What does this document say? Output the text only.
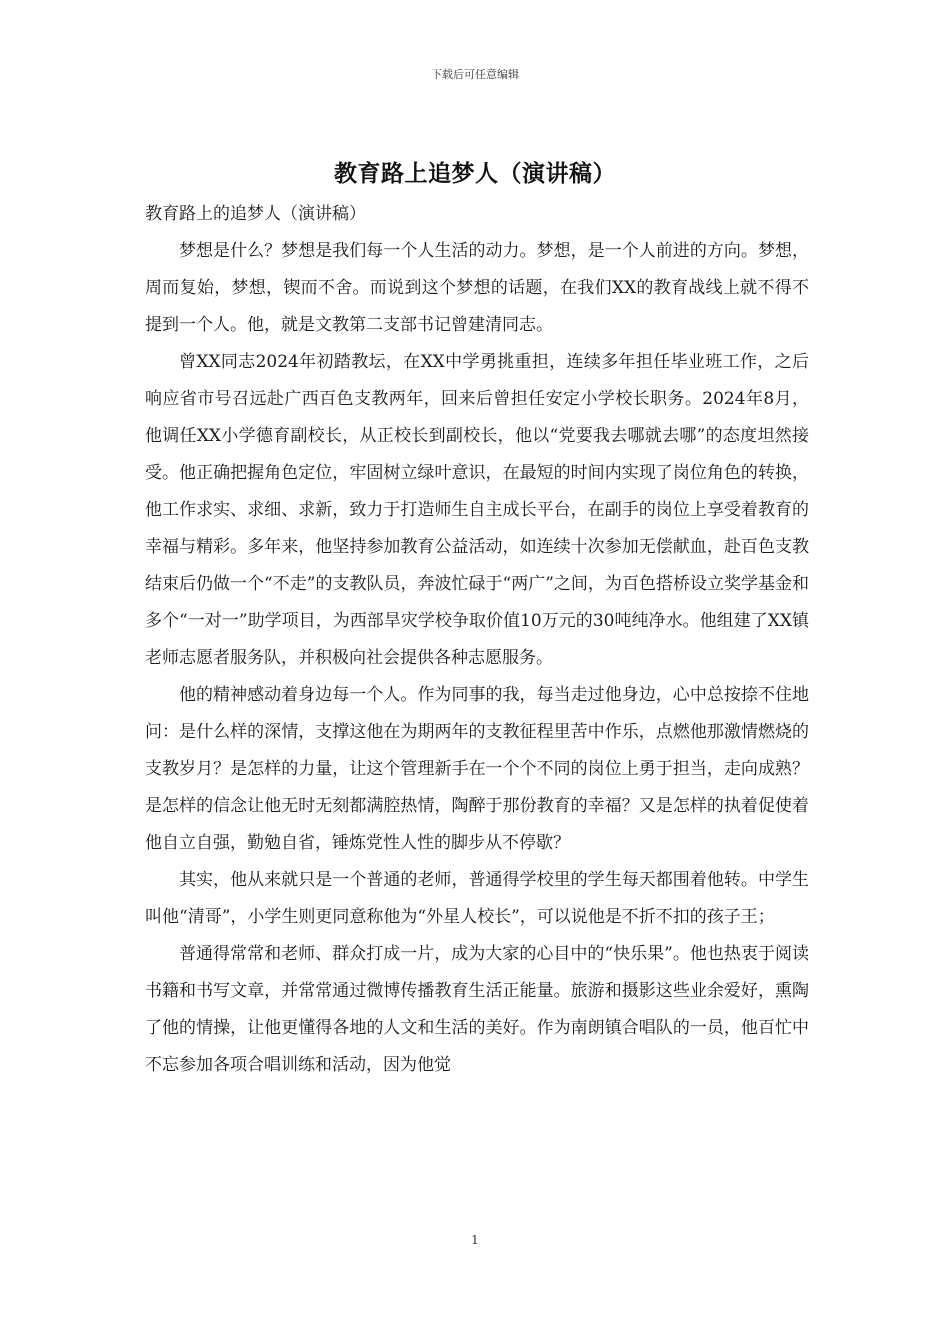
下载后可任意编辑
教育路上追梦人（演讲稿）

教育路上的追梦人（演讲稿）

梦想是什么？梦想是我们每一个人生活的动力。梦想，是一个人前进的方向。梦想，周而复始，梦想，锲而不舍。而说到这个梦想的话题，在我们XX的教育战线上就不得不提到一个人。他，就是文教第二支部书记曾建清同志。

曾XX同志2024年初踏教坛，在XX中学勇挑重担，连续多年担任毕业班工作，之后响应省市号召远赴广西百色支教两年，回来后曾担任安定小学校长职务。2024年8月，他调任XX小学德育副校长，从正校长到副校长，他以“党要我去哪就去哪”的态度坦然接受。他正确把握角色定位，牢固树立绿叶意识，在最短的时间内实现了岗位角色的转换，他工作求实、求细、求新，致力于打造师生自主成长平台，在副手的岗位上享受着教育的幸福与精彩。多年来，他坚持参加教育公益活动，如连续十次参加无偿献血，赴百色支教结束后仍做一个“不走”的支教队员，奔波忙碌于“两广”之间，为百色搭桥设立奖学基金和多个“一对一”助学项目，为西部旱灾学校争取价值10万元的30吨纯净水。他组建了XX镇老师志愿者服务队，并积极向社会提供各种志愿服务。

他的精神感动着身边每一个人。作为同事的我，每当走过他身边，心中总按捺不住地问：是什么样的深情，支撑这他在为期两年的支教征程里苦中作乐，点燃他那激情燃烧的支教岁月？是怎样的力量，让这个管理新手在一个个不同的岗位上勇于担当，走向成熟？是怎样的信念让他无时无刻都满腔热情，陶醉于那份教育的幸福？又是怎样的执着促使着他自立自强，勤勉自省，锤炼党性人性的脚步从不停歇？

其实，他从来就只是一个普通的老师，普通得学校里的学生每天都围着他转。中学生叫他“清哥”，小学生则更同意称他为“外星人校长”，可以说他是不折不扣的孩子王；

普通得常常和老师、群众打成一片，成为大家的心目中的“快乐果”。他也热衷于阅读书籍和书写文章，并常常通过微博传播教育生活正能量。旅游和摄影这些业余爱好，熏陶了他的情操，让他更懂得各地的人文和生活的美好。作为南朗镇合唱队的一员，他百忙中不忘参加各项合唱训练和活动，因为他觉

1
